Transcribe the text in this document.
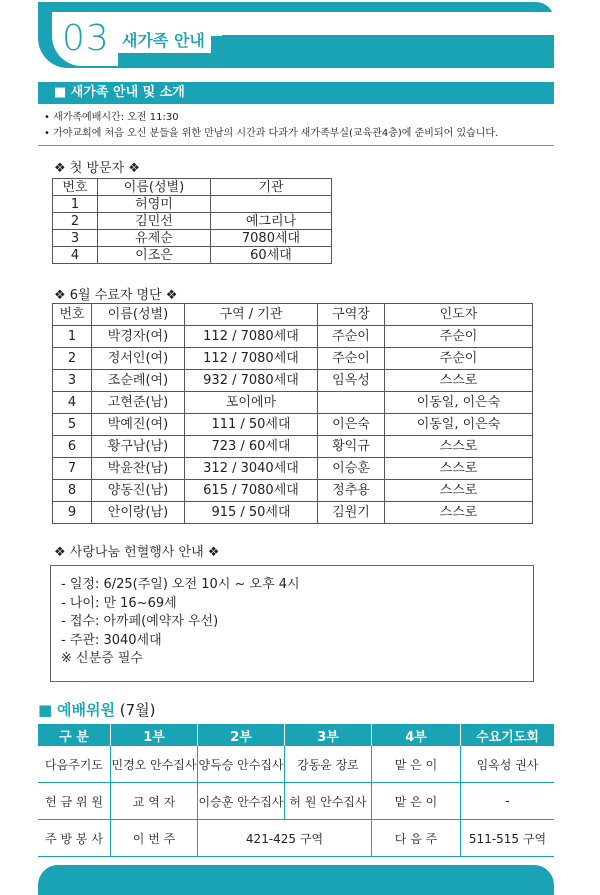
03 새가족 안내
■ 새가족 안내 및 소개
• 새가족예배시간: 오전 11:30
• 가야교회에 처음 오신 분들을 위한 만남의 시간과 다과가 새가족부실(교육관4층)에 준비되어 있습니다.
❖ 첫 방문자 ❖
번호	이름(성별)	기관
1	허영미	
2	김민선	예그리나
3	유제순	7080세대
4	이조은	60세대
❖ 6월 수료자 명단 ❖
번호	이름(성별)	구역 / 기관	구역장	인도자
1	박경자(여)	112 / 7080세대	주순이	주순이
2	정서인(여)	112 / 7080세대	주순이	주순이
3	조순례(여)	932 / 7080세대	임옥성	스스로
4	고현준(남)	포이에마		이동일, 이은숙
5	박예진(여)	111 / 50세대	이은숙	이동일, 이은숙
6	황구남(남)	723 / 60세대	황익규	스스로
7	박윤찬(남)	312 / 3040세대	이승훈	스스로
8	양동진(남)	615 / 7080세대	정추용	스스로
9	안이랑(남)	915 / 50세대	김원기	스스로
❖ 사랑나눔 헌혈행사 안내 ❖
- 일정: 6/25(주일) 오전 10시 ~ 오후 4시
- 나이: 만 16~69세
- 접수: 아까페(예약자 우선)
- 주관: 3040세대
※ 신분증 필수
■ 예배위원 (7월)
구 분	1부	2부	3부	4부	수요기도회
다음주기도	민경오 안수집사	양득승 안수집사	강동윤 장로	맡 은 이	임옥성 권사
헌 금 위 원	교 역 자	이승훈 안수집사	허 원 안수집사	맡 은 이	-
주 방 봉 사	이 번 주	421-425 구역		다 음 주	511-515 구역
